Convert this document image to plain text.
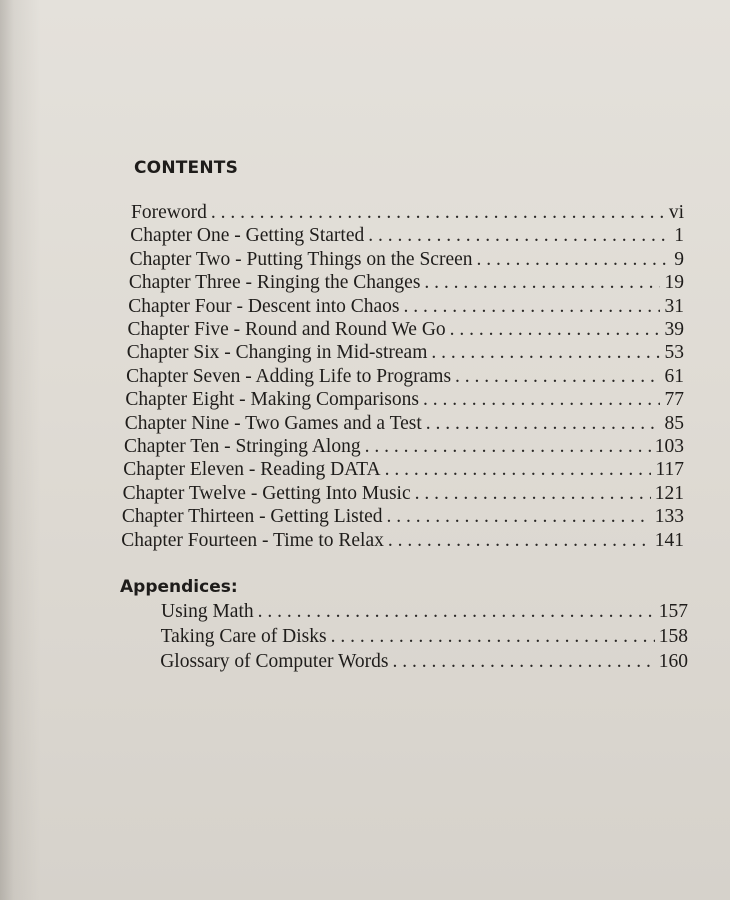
CONTENTS
Foreword . . .	vi
Chapter One - Getting Started . . .	1
Chapter Two - Putting Things on the Screen . . .	9
Chapter Three - Ringing the Changes . . .	19
Chapter Four - Descent into Chaos . . .	31
Chapter Five - Round and Round We Go . . .	39
Chapter Six - Changing in Mid-stream . . .	53
Chapter Seven - Adding Life to Programs . . .	61
Chapter Eight - Making Comparisons . . .	77
Chapter Nine - Two Games and a Test . . .	85
Chapter Ten - Stringing Along . . .	103
Chapter Eleven - Reading DATA . . .	117
Chapter Twelve - Getting Into Music . . .	121
Chapter Thirteen - Getting Listed . . .	133
Chapter Fourteen - Time to Relax . . .	141
Appendices:
Using Math . . .	157
Taking Care of Disks . . .	158
Glossary of Computer Words . . .	160
